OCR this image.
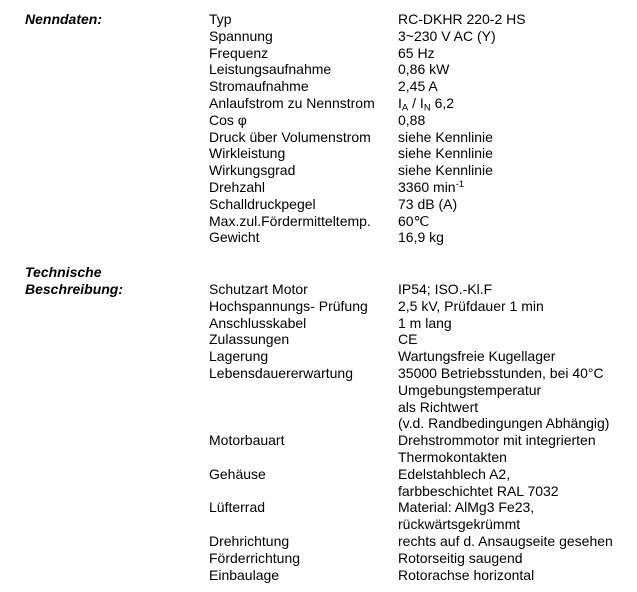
Nenndaten:	Typ	RC-DKHR 220-2 HS
Spannung	3~230 V AC (Y)
Frequenz	65 Hz
Leistungsaufnahme	0,86 kW
Stromaufnahme	2,45 A
Anlaufstrom zu Nennstrom	$I_A / I_N$ 6,2
Cos φ	0,88
Druck über Volumenstrom	siehe Kennlinie
Wirkleistung	siehe Kennlinie
Wirkungsgrad	siehe Kennlinie
Drehzahl	3360 $\min^{-1}$
Schalldruckpegel	73 dB (A)
Max.zul.Fördermitteltemp.	60℃
Gewicht	16,9 kg
Technische
Beschreibung:	Schutzart Motor	IP54; ISO.-Kl.F
Hochspannungs- Prüfung	2,5 kV, Prüfdauer 1 min
Anschlusskabel	1 m lang
Zulassungen	CE
Lagerung	Wartungsfreie Kugellager
Lebensdauererwartung	35000 Betriebsstunden, bei 40°C
Umgebungstemperatur
als Richtwert
(v.d. Randbedingungen Abhängig)
Motorbauart	Drehstrommotor mit integrierten
Thermokontakten
Gehäuse	Edelstahblech A2,
farbbeschichtet RAL 7032
Lüfterrad	Material: AlMg3 Fe23,
rückwärtsgekrümmt
Drehrichtung	rechts auf d. Ansaugseite gesehen
Förderrichtung	Rotorseitig saugend
Einbaulage	Rotorachse horizontal
